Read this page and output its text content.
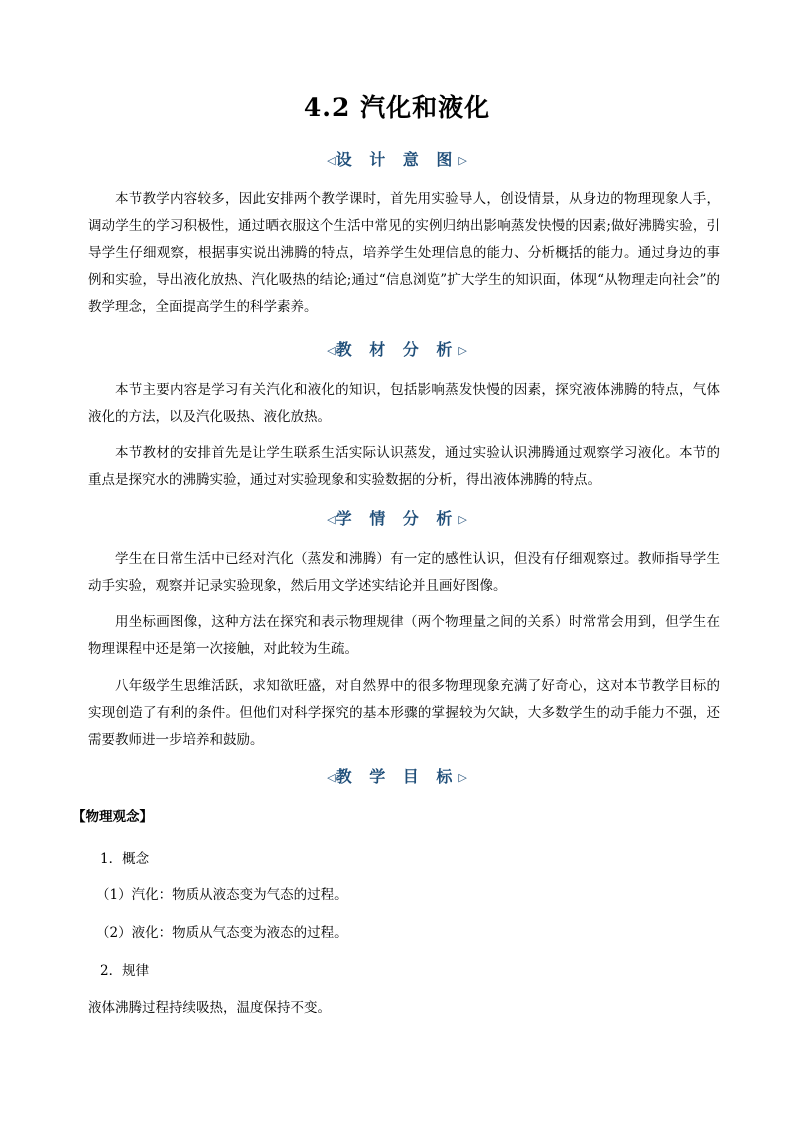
4.2 汽化和液化
◁设 计 意 图▷

本节教学内容较多，因此安排两个教学课时，首先用实验导人，创设情景，从身边的物理现象人手，调动学生的学习积极性，通过晒衣服这个生活中常见的实例归纳出影响蒸发快慢的因素;做好沸腾实验，引导学生仔细观察，根据事实说出沸腾的特点，培养学生处理信息的能力、分析概括的能力。通过身边的事例和实验，导出液化放热、汽化吸热的结论;通过“信息浏览”扩大学生的知识面，体现“从物理走向社会”的教学理念，全面提高学生的科学素养。

◁教 材 分 析▷

本节主要内容是学习有关汽化和液化的知识，包括影响蒸发快慢的因素，探究液体沸腾的特点，气体液化的方法，以及汽化吸热、液化放热。

本节教材的安排首先是让学生联系生活实际认识蒸发，通过实验认识沸腾通过观察学习液化。本节的重点是探究水的沸腾实验，通过对实验现象和实验数据的分析，得出液体沸腾的特点。

◁学 情 分 析▷

学生在日常生活中已经对汽化（蒸发和沸腾）有一定的感性认识，但没有仔细观察过。教师指导学生动手实验，观察并记录实验现象，然后用文学述实结论并且画好图像。

用坐标画图像，这种方法在探究和表示物理规律（两个物理量之间的关系）时常常会用到，但学生在物理课程中还是第一次接触，对此较为生疏。

八年级学生思维活跃，求知欲旺盛，对自然界中的很多物理现象充满了好奇心，这对本节教学目标的实现创造了有利的条件。但他们对科学探究的基本形骤的掌握较为欠缺，大多数学生的动手能力不强，还需要教师进一步培养和鼓励。

◁教 学 目 标▷

【物理观念】

1．概念

（1）汽化：物质从液态变为气态的过程。

（2）液化：物质从气态变为液态的过程。

2．规律

液体沸腾过程持续吸热，温度保持不变。
